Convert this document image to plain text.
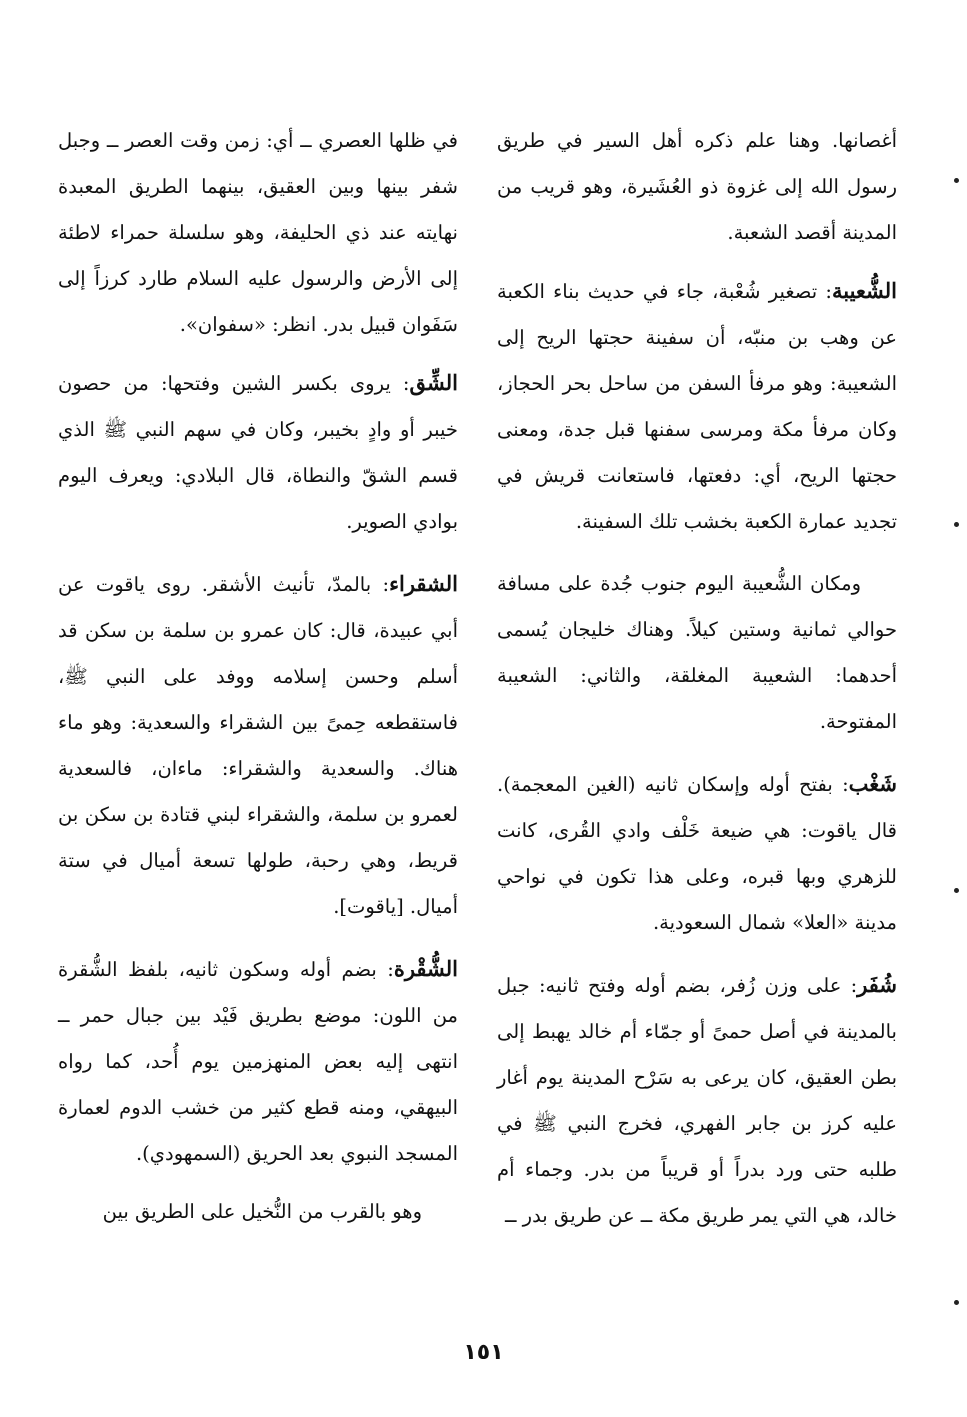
أغصانها. وهنا علم ذكره أهل السير في طريق رسول الله إلى غزوة ذو العُشَيرة، وهو قريب من المدينة أقصد الشعبة.

الشُّعيبة: تصغير شُعْبة، جاء في حديث بناء الكعبة عن وهب بن منبّه، أن سفينة حجتها الريح إلى الشعيبة: وهو مرفأ السفن من ساحل بحر الحجاز، وكان مرفأ مكة ومرسى سفنها قبل جدة، ومعنى حجتها الريح، أي: دفعتها، فاستعانت قريش في تجديد عمارة الكعبة بخشب تلك السفينة.

ومكان الشُّعيبة اليوم جنوب جُدة على مسافة حوالي ثمانية وستين كيلاً. وهناك خليجان يُسمى أحدهما: الشعيبة المغلقة، والثاني: الشعيبة المفتوحة.

شَغْب: بفتح أوله وإسكان ثانيه (الغين المعجمة). قال ياقوت: هي ضيعة خَلْف وادي القُرى، كانت للزهري وبها قبره، وعلى هذا تكون في نواحي مدينة «العلا» شمال السعودية.

شُفَر: على وزن زُفر، بضم أوله وفتح ثانيه: جبل بالمدينة في أصل حمىً أو جمّاء أم خالد يهبط إلى بطن العقيق، كان يرعى به سَرْح المدينة يوم أغار عليه كرز بن جابر الفهري، فخرج النبي ﷺ في طلبه حتى ورد بدراً أو قريباً من بدر. وجماء أم خالد، هي التي يمر طريق مكة ــ عن طريق بدر ــ

في ظلها العصري ــ أي: زمن وقت العصر ــ وجبل شفر بينها وبين العقيق، بينهما الطريق المعبدة نهايته عند ذي الحليفة، وهو سلسلة حمراء لاطئة إلى الأرض والرسول عليه السلام طارد كرزاً إلى سَفَوان قبيل بدر. انظر: «سفوان».

الشِّق: يروى بكسر الشين وفتحها: من حصون خيبر أو وادٍ بخيبر، وكان في سهم النبي ﷺ الذي قسم الشقّ والنطاة، قال البلادي: ويعرف اليوم بوادي الصوير.

الشقراء: بالمدّ، تأنيث الأشقر. روى ياقوت عن أبي عبيدة، قال: كان عمرو بن سلمة بن سكن قد أسلم وحسن إسلامه ووفد على النبي ﷺ، فاستقطعه حِمىً بين الشقراء والسعدية: وهو ماء هناك. والسعدية والشقراء: ماءان، فالسعدية لعمرو بن سلمة، والشقراء لبني قتادة بن سكن بن قريط، وهي رحبة، طولها تسعة أميال في ستة أميال. [ياقوت].

الشُّقْرة: بضم أوله وسكون ثانيه، بلفظ الشُّقرة من اللون: موضع بطريق فَيْد بين جبال حمر ــ انتهى إليه بعض المنهزمين يوم أُحد، كما رواه البيهقي، ومنه قطع كثير من خشب الدوم لعمارة المسجد النبوي بعد الحريق (السمهودي).

وهو بالقرب من النُّخيل على الطريق بين

١٥١
